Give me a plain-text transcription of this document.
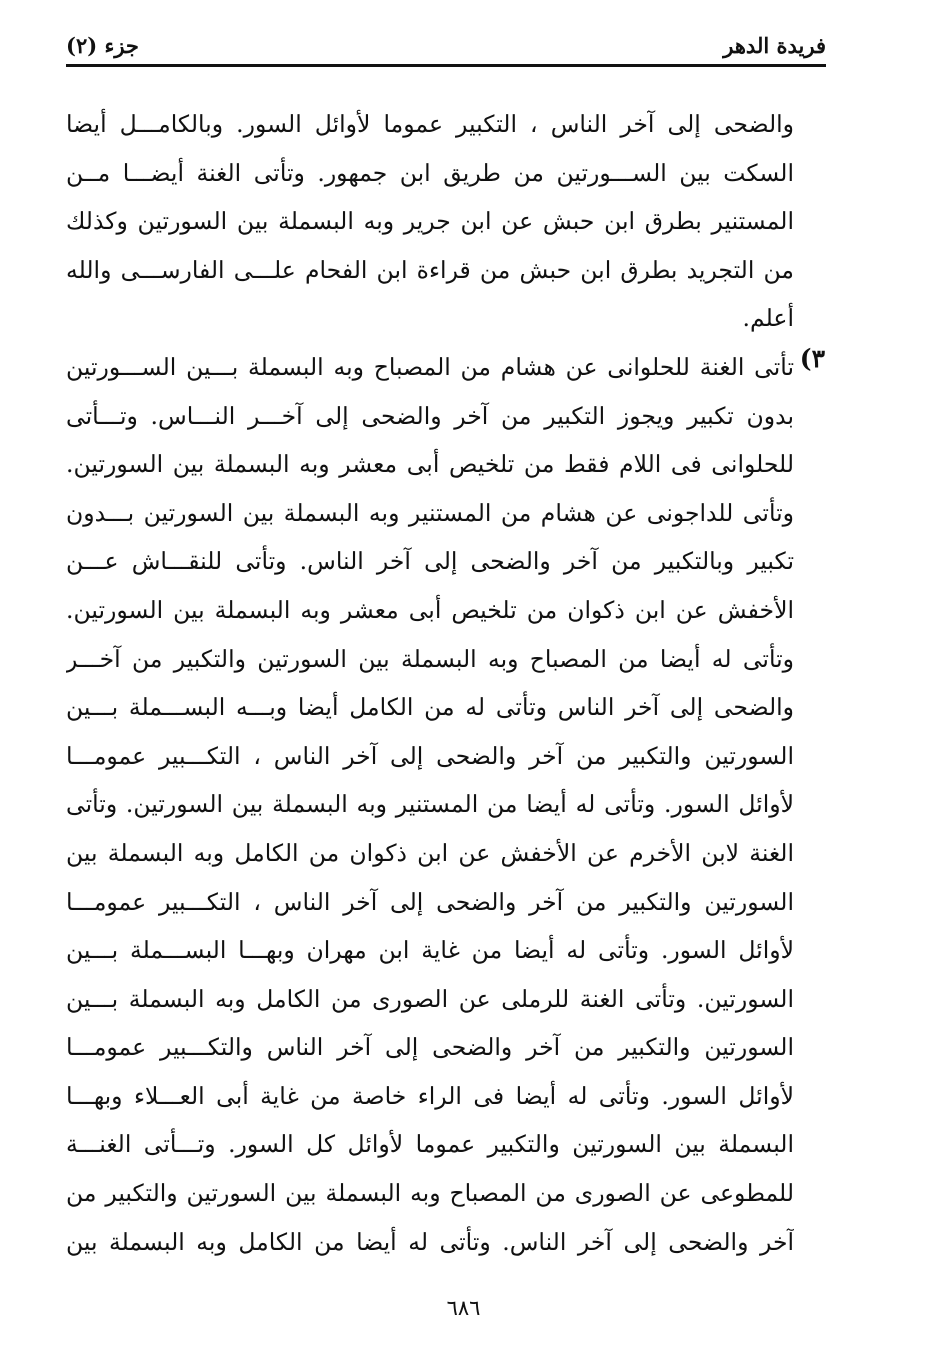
فريدة الدهر
جزء (٢)
٣)
والضحى إلى آخر الناس ، التكبير عموما لأوائل السور. وبالكامـــل أيضا
السكت بين الســـورتين من طريق ابن جمهور. وتأتى الغنة أيضـــا مــن
المستنير بطرق ابن حبش عن ابن جرير وبه البسملة بين السورتين وكذلك
من التجريد بطرق ابن حبش من قراءة ابن الفحام علـــى الفارســـى والله
أعلم.
تأتى الغنة للحلوانى عن هشام من المصباح وبه البسملة بـــين الســـورتين
بدون تكبير ويجوز التكبير من آخر والضحى إلى آخـــر النـــاس. وتـــأتى
للحلوانى فى اللام فقط من تلخيص أبى معشر وبه البسملة بين السورتين.
وتأتى للداجونى عن هشام من المستنير وبه البسملة بين السورتين بـــدون
تكبير وبالتكبير من آخر والضحى إلى آخر الناس. وتأتى للنقـــاش عـــن
الأخفش عن ابن ذكوان من تلخيص أبى معشر وبه البسملة بين السورتين.
وتأتى له أيضا من المصباح وبه البسملة بين السورتين والتكبير من آخـــر
والضحى إلى آخر الناس وتأتى له من الكامل أيضا وبـــه البســـملة بـــين
السورتين والتكبير من آخر والضحى إلى آخر الناس ، التكـــبير عمومـــا
لأوائل السور. وتأتى له أيضا من المستنير وبه البسملة بين السورتين. وتأتى
الغنة لابن الأخرم عن الأخفش عن ابن ذكوان من الكامل وبه البسملة بين
السورتين والتكبير من آخر والضحى إلى آخر الناس ، التكـــبير عمومـــا
لأوائل السور. وتأتى له أيضا من غاية ابن مهران وبهـــا البســـملة بـــين
السورتين. وتأتى الغنة للرملى عن الصورى من الكامل وبه البسملة بـــين
السورتين والتكبير من آخر والضحى إلى آخر الناس والتكـــبير عمومـــا
لأوائل السور. وتأتى له أيضا فى الراء خاصة من غاية أبى العـــلاء وبهـــا
البسملة بين السورتين والتكبير عموما لأوائل كل السور. وتـــأتى الغنـــة
للمطوعى عن الصورى من المصباح وبه البسملة بين السورتين والتكبير من
آخر والضحى إلى آخر الناس. وتأتى له أيضا من الكامل وبه البسملة بين
٦٨٦
